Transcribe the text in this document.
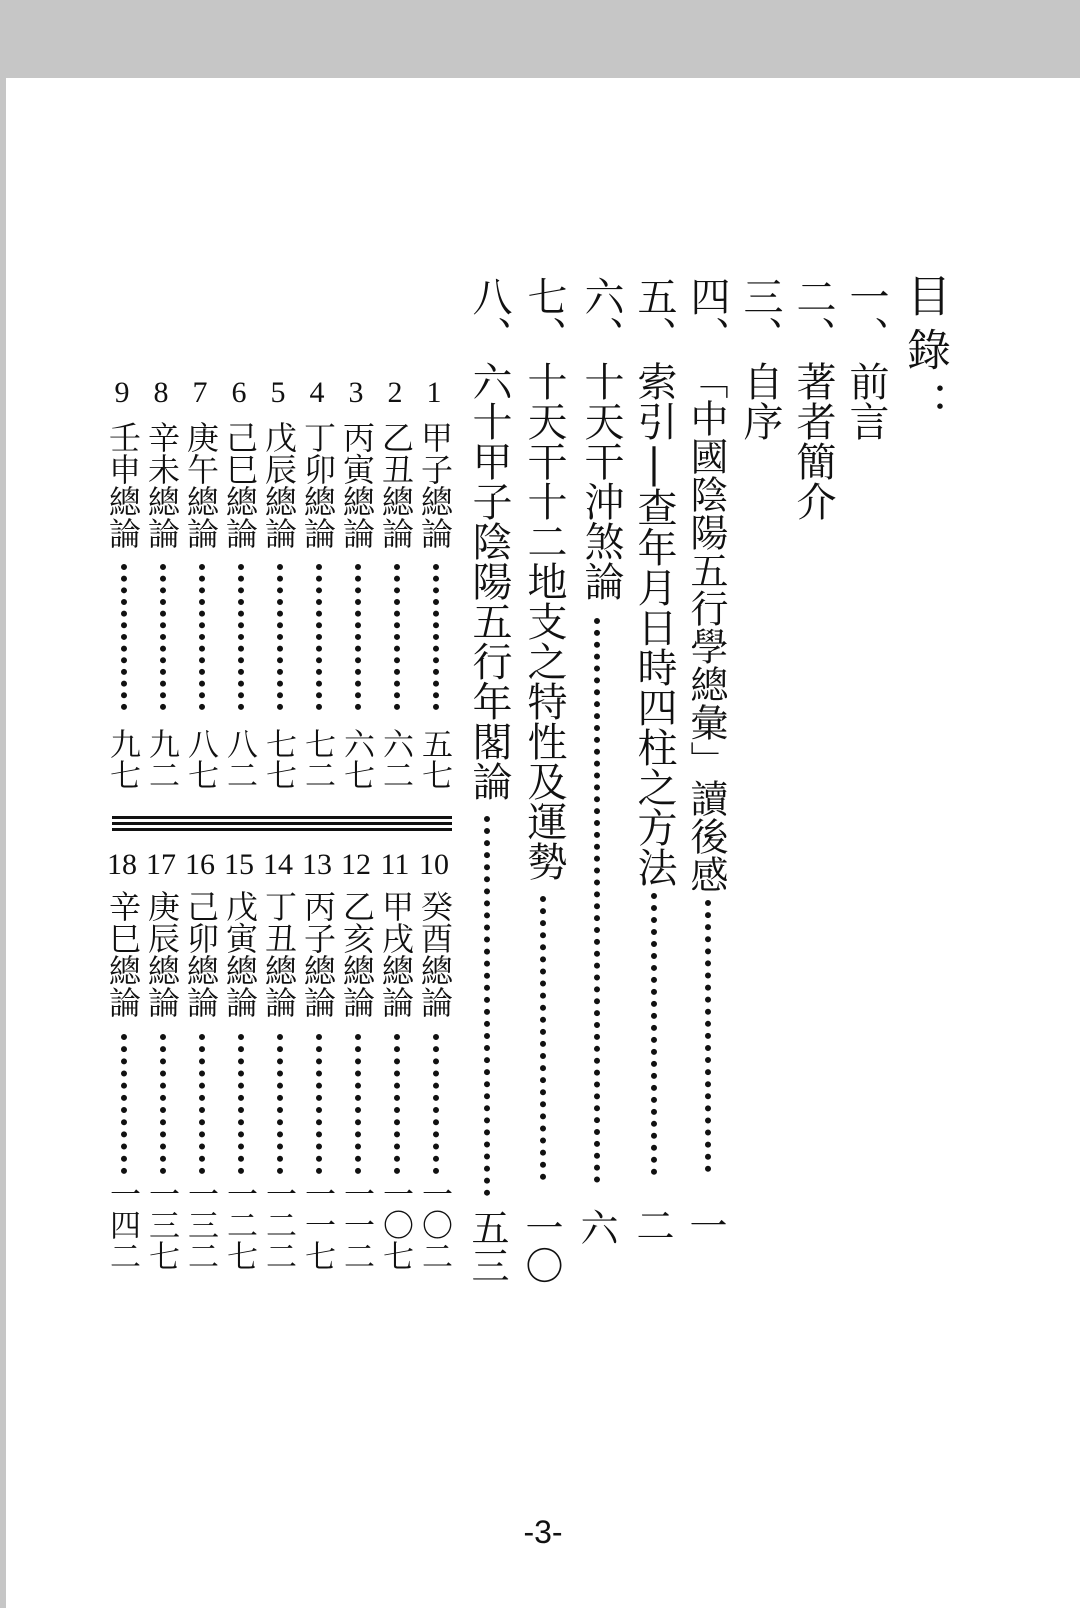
目錄：
一、
前言
二、
著者簡介
三、
自序
四、
「中國陰陽五行學總彙」讀後感
五、
索引|查年月日時四柱之方法
六、
十天干沖煞論
七、
十天干十二地支之特性及運勢
八、
六十甲子陰陽五行年閣論
一
二
六
一〇
五三
1
甲子總論
五七
2
乙丑總論
六二
3
丙寅總論
六七
4
丁卯總論
七二
5
戊辰總論
七七
6
己巳總論
八二
7
庚午總論
八七
8
辛未總論
九二
9
壬申總論
九七
10
癸酉總論
一〇二
11
甲戌總論
一〇七
12
乙亥總論
一一二
13
丙子總論
一一七
14
丁丑總論
一二二
15
戊寅總論
一二七
16
己卯總論
一三二
17
庚辰總論
一三七
18
辛巳總論
一四二
-3-
